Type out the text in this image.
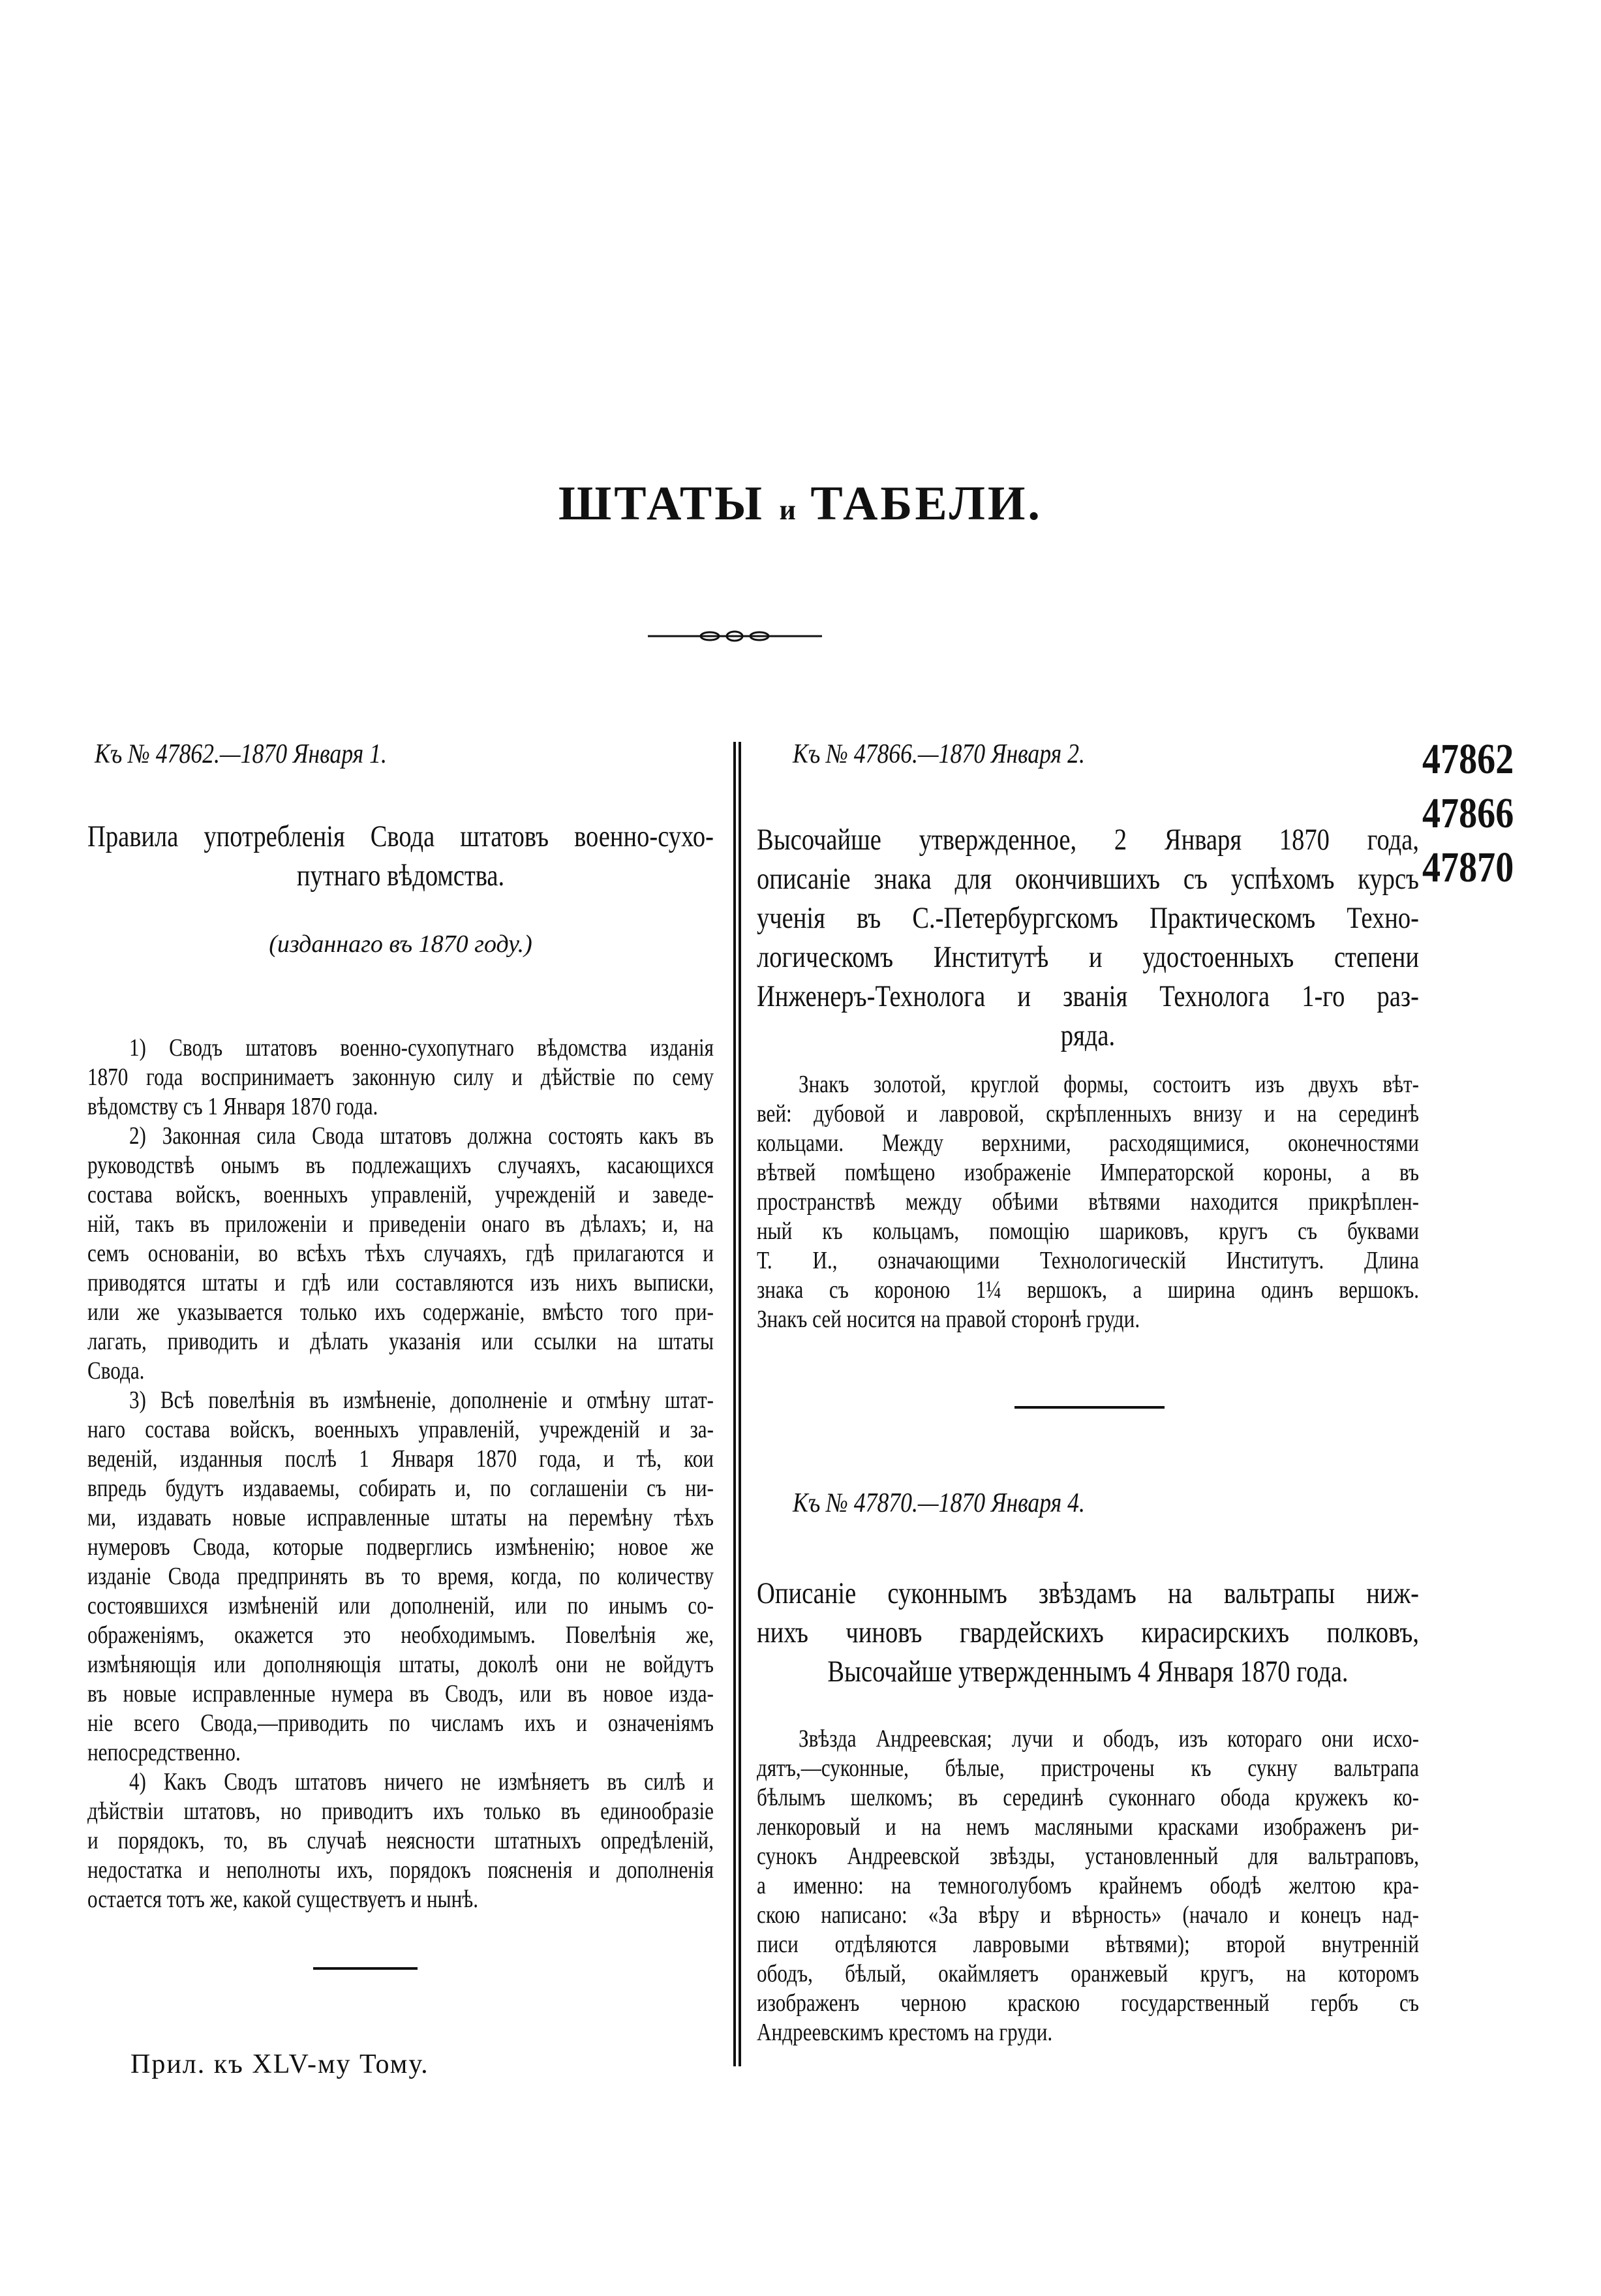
ШТАТЫ и ТАБЕЛИ.
Къ № 47862.—1870 Января 1.
Правила употребленія Свода штатовъ военно-сухо-
путнаго вѣдомства.
(изданнаго въ 1870 году.)
1) Сводъ штатовъ военно-сухопутнаго вѣдомства изданія
1870 года воспринимаетъ законную силу и дѣйствіе по сему
вѣдомству съ 1 Января 1870 года.
2) Законная сила Свода штатовъ должна состоять какъ въ
руководствѣ онымъ въ подлежащихъ случаяхъ, касающихся
состава войскъ, военныхъ управленій, учрежденій и заведе-
ній, такъ въ приложеніи и приведеніи онаго въ дѣлахъ; и, на
семъ основаніи, во всѣхъ тѣхъ случаяхъ, гдѣ прилагаются и
приводятся штаты и гдѣ или составляются изъ нихъ выписки,
или же указывается только ихъ содержаніе, вмѣсто того при-
лагать, приводить и дѣлать указанія или ссылки на штаты
Свода.
3) Всѣ повелѣнія въ измѣненіе, дополненіе и отмѣну штат-
наго состава войскъ, военныхъ управленій, учрежденій и за-
веденій, изданныя послѣ 1 Января 1870 года, и тѣ, кои
впредь будутъ издаваемы, собирать и, по соглашеніи съ ни-
ми, издавать новые исправленные штаты на перемѣну тѣхъ
нумеровъ Свода, которые подверглись измѣненію; новое же
изданіе Свода предпринять въ то время, когда, по количеству
состоявшихся измѣненій или дополненій, или по инымъ со-
ображеніямъ, окажется это необходимымъ. Повелѣнія же,
измѣняющія или дополняющія штаты, доколѣ они не войдутъ
въ новые исправленные нумера въ Сводъ, или въ новое изда-
ніе всего Свода,—приводить по числамъ ихъ и означеніямъ
непосредственно.
4) Какъ Сводъ штатовъ ничего не измѣняетъ въ силѣ и
дѣйствіи штатовъ, но приводитъ ихъ только въ единообразіе
и порядокъ, то, въ случаѣ неясности штатныхъ опредѣленій,
недостатка и неполноты ихъ, порядокъ поясненія и дополненія
остается тотъ же, какой существуетъ и нынѣ.
Прил. къ XLV-му Тому.
Къ № 47866.—1870 Января 2.
Высочайше утвержденное, 2 Января 1870 года,
описаніе знака для окончившихъ съ успѣхомъ курсъ
ученія въ С.-Петербургскомъ Практическомъ Техно-
логическомъ Институтѣ и удостоенныхъ степени
Инженеръ-Технолога и званія Технолога 1-го раз-
ряда.
Знакъ золотой, круглой формы, состоитъ изъ двухъ вѣт-
вей: дубовой и лавровой, скрѣпленныхъ внизу и на серединѣ
кольцами. Между верхними, расходящимися, оконечностями
вѣтвей помѣщено изображеніе Императорской короны, а въ
пространствѣ между обѣими вѣтвями находится прикрѣплен-
ный къ кольцамъ, помощію шариковъ, кругъ съ буквами
Т. И., означающими Технологическій Институтъ. Длина
знака съ короною 1¼ вершокъ, а ширина одинъ вершокъ.
Знакъ сей носится на правой сторонѣ груди.
Къ № 47870.—1870 Января 4.
Описаніе суконнымъ звѣздамъ на вальтрапы ниж-
нихъ чиновъ гвардейскихъ кирасирскихъ полковъ,
Высочайше утвержденнымъ 4 Января 1870 года.
Звѣзда Андреевская; лучи и ободъ, изъ котораго они исхо-
дятъ,—суконные, бѣлые, пристрочены къ сукну вальтрапа
бѣлымъ шелкомъ; въ серединѣ суконнаго обода кружекъ ко-
ленкоровый и на немъ масляными красками изображенъ ри-
сунокъ Андреевской звѣзды, установленный для вальтраповъ,
а именно: на темноголубомъ крайнемъ ободѣ желтою кра-
скою написано: «За вѣру и вѣрность» (начало и конецъ над-
писи отдѣляются лавровыми вѣтвями); второй внутренній
ободъ, бѣлый, окаймляетъ оранжевый кругъ, на которомъ
изображенъ черною краскою государственный гербъ съ
Андреевскимъ крестомъ на груди.
47862
47866
47870
